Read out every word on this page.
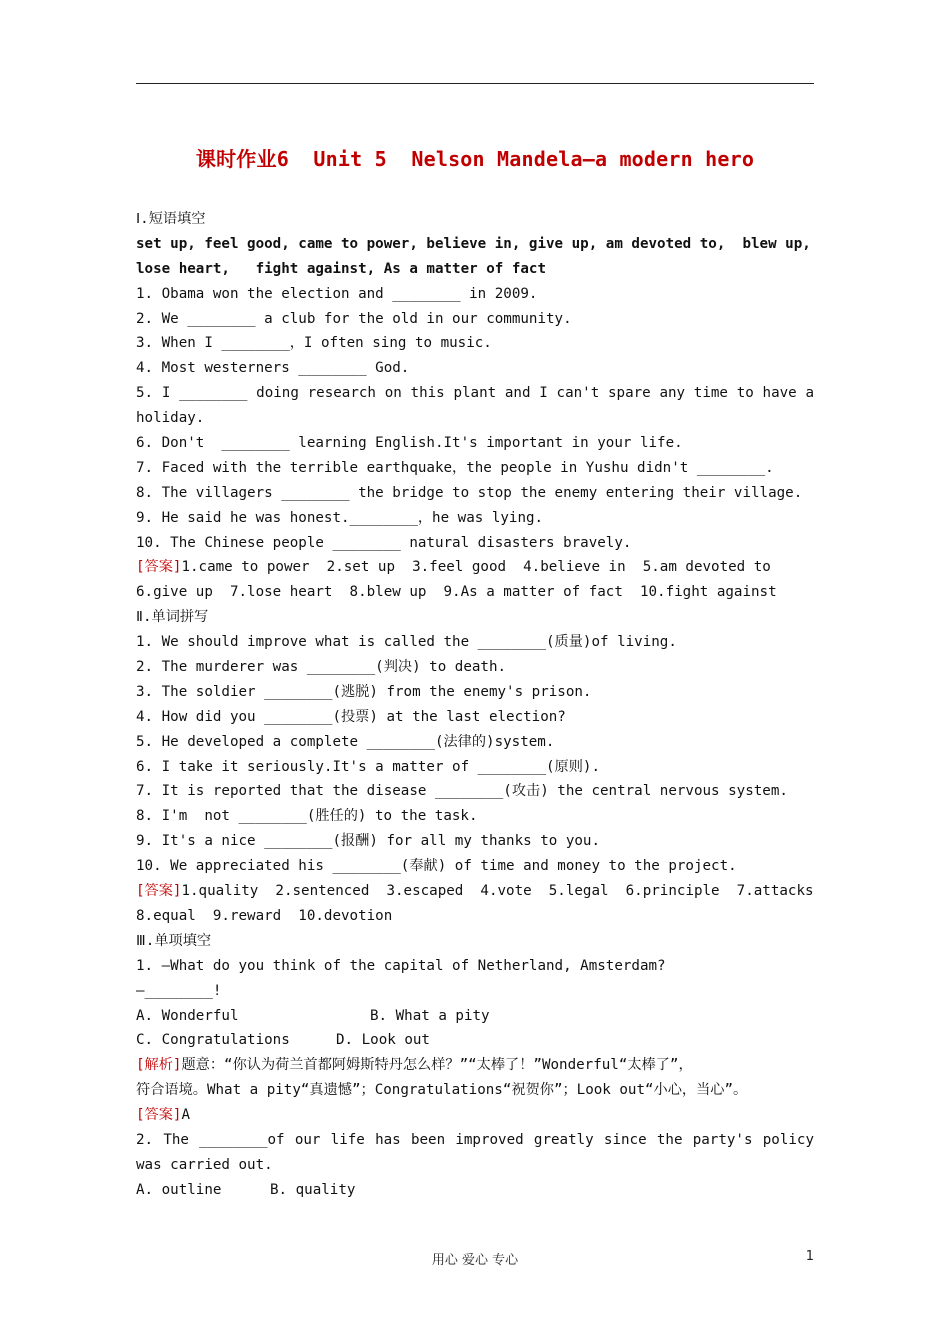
课时作业6  Unit 5  Nelson Mandela—a modern hero
Ⅰ.短语填空
set up, feel good, came to power, believe in, give up, am devoted to,  blew up,
lose heart,   fight against, As a matter of fact
1. Obama won the election and ________ in 2009.
2. We ________ a club for the old in our community.
3. When I ________，I often sing to music.
4. Most westerners ________ God.
5. I ________ doing research on this plant and I can't spare any time to have a
holiday.
6. Don't  ________ learning English.It's important in your life.
7. Faced with the terrible earthquake，the people in Yushu didn't ________.
8. The villagers ________ the bridge to stop the enemy entering their village.
9. He said he was honest.________，he was lying.
10. The Chinese people ________ natural disasters bravely.
[答案]1.came to power  2.set up  3.feel good  4.believe in  5.am devoted to
6.give up  7.lose heart  8.blew up  9.As a matter of fact  10.fight against
Ⅱ.单词拼写
1. We should improve what is called the ________(质量)of living.
2. The murderer was ________(判决) to death.
3. The soldier ________(逃脱) from the enemy's prison.
4. How did you ________(投票) at the last election?
5. He developed a complete ________(法律的)system.
6. I take it seriously.It's a matter of ________(原则).
7. It is reported that the disease ________(攻击) the central nervous system.
8. I'm  not ________(胜任的) to the task.
9. It's a nice ________(报酬) for all my thanks to you.
10. We appreciated his ________(奉献) of time and money to the project.
[答案]1.quality  2.sentenced  3.escaped  4.vote  5.legal  6.principle  7.attacks
8.equal  9.reward  10.devotion
Ⅲ.单项填空
1. —What do you think of the capital of Netherland, Amsterdam?
—________!
A. Wonderful	B. What a pity
C. Congratulations	D. Look out
[解析]题意：“你认为荷兰首都阿姆斯特丹怎么样？”“太棒了！”Wonderful“太棒了”，
符合语境。What a pity“真遗憾”；Congratulations“祝贺你”；Look out“小心，当心”。
[答案]A
2. The ________of our life has been improved greatly since the party's policy
was carried out.
A. outline	B. quality
用心 爱心 专心	1
